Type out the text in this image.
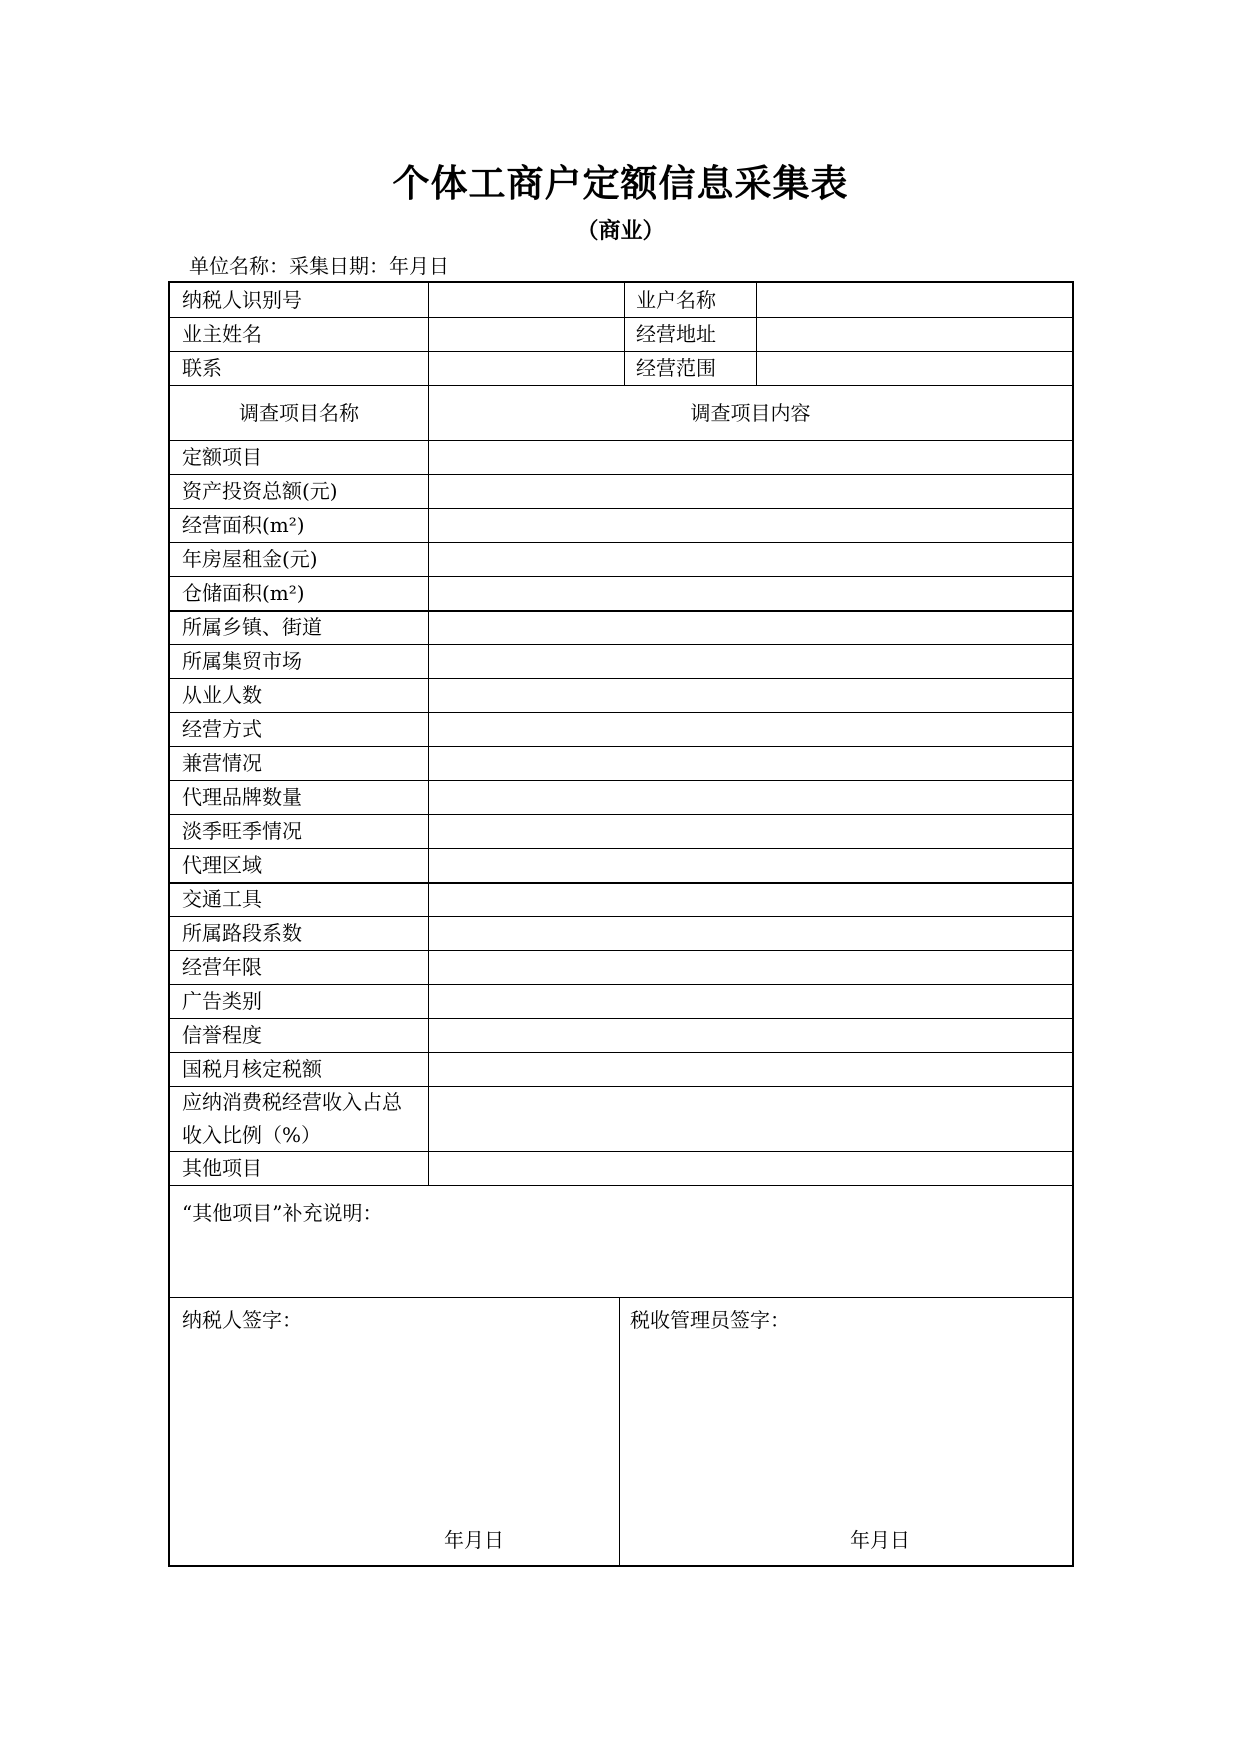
个体工商户定额信息采集表
（商业）
单位名称：采集日期：年月日
纳税人识别号	业户名称
业主姓名	经营地址
联系	经营范围
调查项目名称	调查项目内容
定额项目
资产投资总额(元)
经营面积(m²)
年房屋租金(元)
仓储面积(m²)
所属乡镇、街道
所属集贸市场
从业人数
经营方式
兼营情况
代理品牌数量
淡季旺季情况
代理区域
交通工具
所属路段系数
经营年限
广告类别
信誉程度
国税月核定税额
应纳消费税经营收入占总收入比例（%）
其他项目
“其他项目”补充说明：
纳税人签字：
年月日
税收管理员签字：
年月日
